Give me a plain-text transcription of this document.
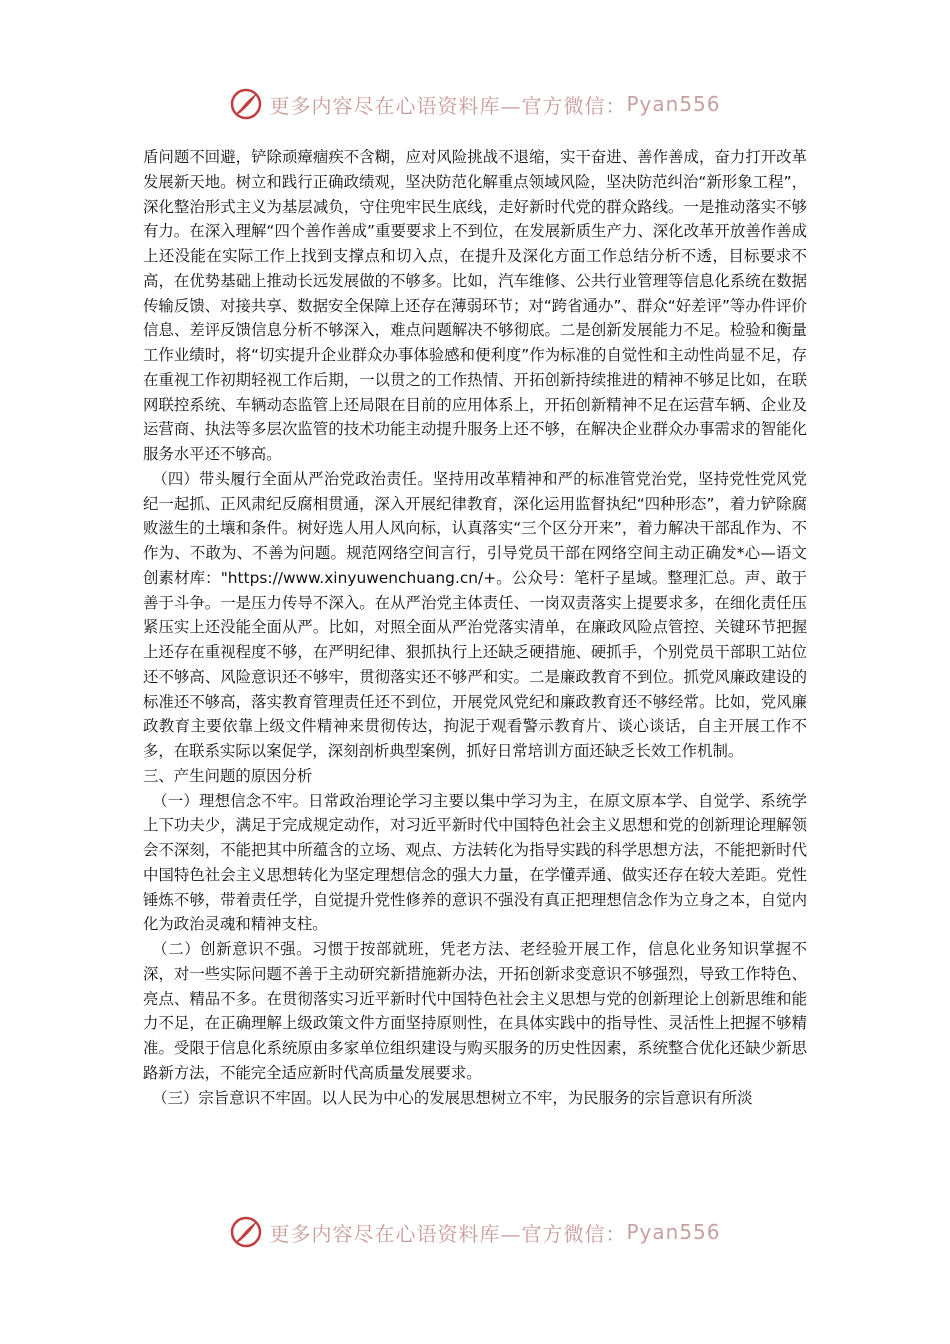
更多内容尽在心语资料库—官方微信： Pyan556

盾问题不回避，铲除顽瘴痼疾不含糊，应对风险挑战不退缩，实干奋进、善作善成，奋力打开改革发展新天地。树立和践行正确政绩观，坚决防范化解重点领域风险，坚决防范纠治“新形象工程”，深化整治形式主义为基层减负，守住兜牢民生底线，走好新时代党的群众路线。一是推动落实不够有力。在深入理解“四个善作善成”重要要求上不到位，在发展新质生产力、深化改革开放善作善成上还没能在实际工作上找到支撑点和切入点，在提升及深化方面工作总结分析不透，目标要求不高，在优势基础上推动长远发展做的不够多。比如，汽车维修、公共行业管理等信息化系统在数据传输反馈、对接共享、数据安全保障上还存在薄弱环节；对“跨省通办”、群众“好差评”等办件评价信息、差评反馈信息分析不够深入，难点问题解决不够彻底。二是创新发展能力不足。检验和衡量工作业绩时，将“切实提升企业群众办事体验感和便利度”作为标准的自觉性和主动性尚显不足，存在重视工作初期轻视工作后期，一以贯之的工作热情、开拓创新持续推进的精神不够足比如，在联网联控系统、车辆动态监管上还局限在目前的应用体系上，开拓创新精神不足在运营车辆、企业及运营商、执法等多层次监管的技术功能主动提升服务上还不够，在解决企业群众办事需求的智能化服务水平还不够高。

（四）带头履行全面从严治党政治责任。坚持用改革精神和严的标准管党治党，坚持党性党风党纪一起抓、正风肃纪反腐相贯通，深入开展纪律教育，深化运用监督执纪“四种形态”，着力铲除腐败滋生的土壤和条件。树好选人用人风向标，认真落实“三个区分开来”，着力解决干部乱作为、不作为、不敢为、不善为问题。规范网络空间言行，引导党员干部在网络空间主动正确发*心—语文创素材库："https://www.xinyuwenchuang.cn/+。公众号：笔杆子星域。整理汇总。声、敢于善于斗争。一是压力传导不深入。在从严治党主体责任、一岗双责落实上提要求多，在细化责任压紧压实上还没能全面从严。比如，对照全面从严治党落实清单，在廉政风险点管控、关键环节把握上还存在重视程度不够，在严明纪律、狠抓执行上还缺乏硬措施、硬抓手，个别党员干部职工站位还不够高、风险意识还不够牢，贯彻落实还不够严和实。二是廉政教育不到位。抓党风廉政建设的标准还不够高，落实教育管理责任还不到位，开展党风党纪和廉政教育还不够经常。比如，党风廉政教育主要依靠上级文件精神来贯彻传达，拘泥于观看警示教育片、谈心谈话，自主开展工作不多，在联系实际以案促学，深刻剖析典型案例，抓好日常培训方面还缺乏长效工作机制。

三、产生问题的原因分析

（一）理想信念不牢。日常政治理论学习主要以集中学习为主，在原文原本学、自觉学、系统学上下功夫少，满足于完成规定动作，对习近平新时代中国特色社会主义思想和党的创新理论理解领会不深刻，不能把其中所蕴含的立场、观点、方法转化为指导实践的科学思想方法，不能把新时代中国特色社会主义思想转化为坚定理想信念的强大力量，在学懂弄通、做实还存在较大差距。党性锤炼不够，带着责任学，自觉提升党性修养的意识不强没有真正把理想信念作为立身之本，自觉内化为政治灵魂和精神支柱。

（二）创新意识不强。习惯于按部就班，凭老方法、老经验开展工作，信息化业务知识掌握不深，对一些实际问题不善于主动研究新措施新办法，开拓创新求变意识不够强烈，导致工作特色、亮点、精品不多。在贯彻落实习近平新时代中国特色社会主义思想与党的创新理论上创新思维和能力不足，在正确理解上级政策文件方面坚持原则性，在具体实践中的指导性、灵活性上把握不够精准。受限于信息化系统原由多家单位组织建设与购买服务的历史性因素，系统整合优化还缺少新思路新方法，不能完全适应新时代高质量发展要求。

（三）宗旨意识不牢固。以人民为中心的发展思想树立不牢，为民服务的宗旨意识有所淡

更多内容尽在心语资料库—官方微信： Pyan556
